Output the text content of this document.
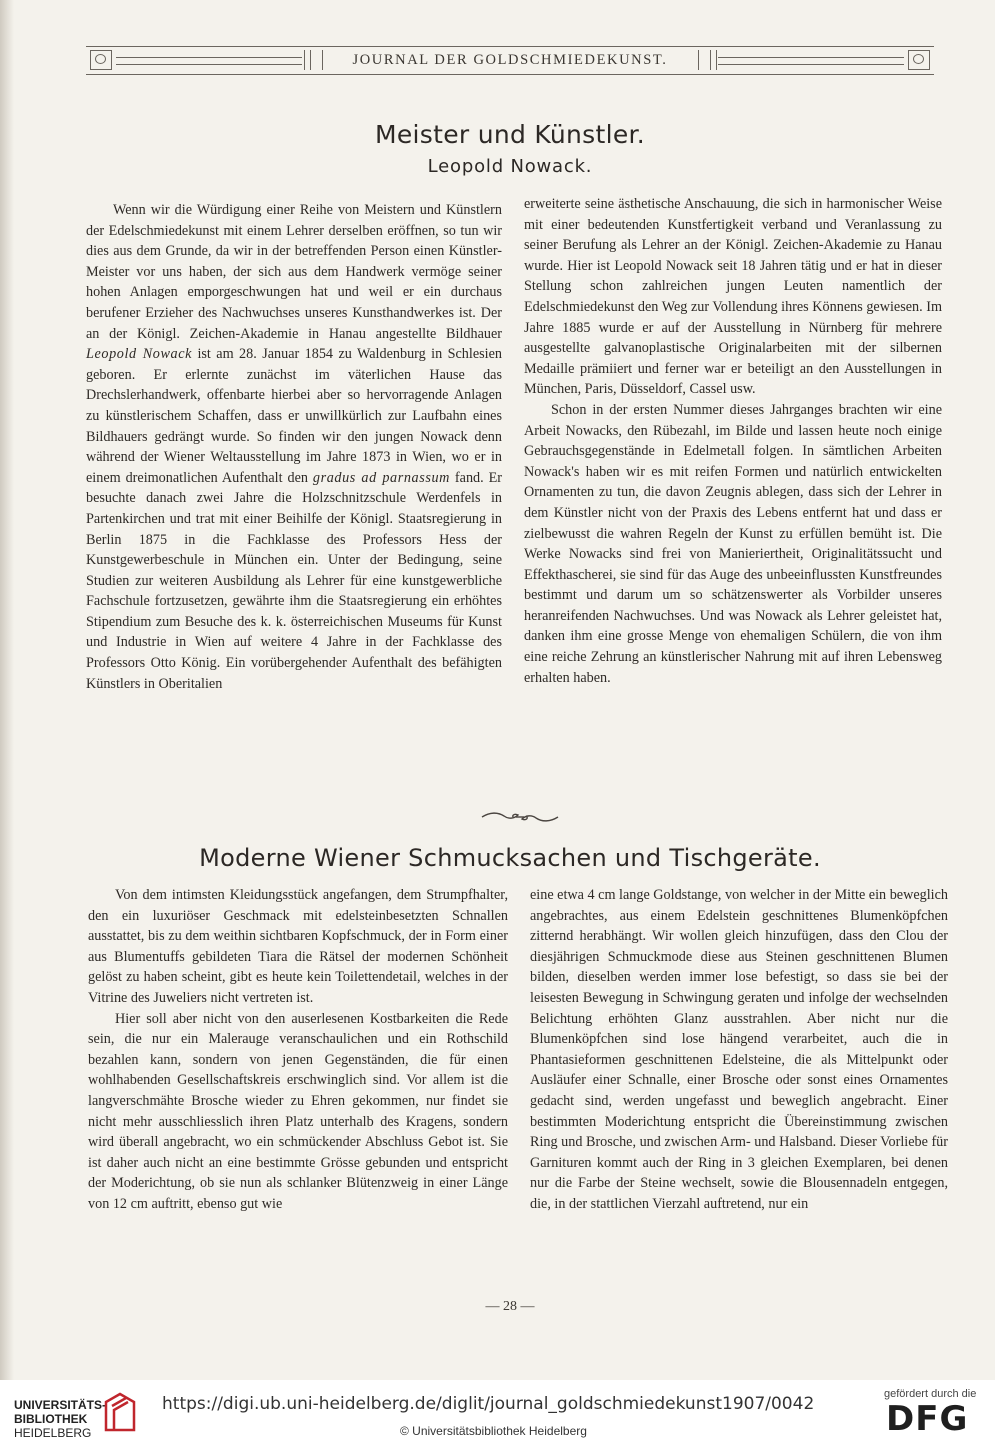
JOURNAL DER GOLDSCHMIEDEKUNST.
Meister und Künstler.
Leopold Nowack.

Wenn wir die Würdigung einer Reihe von Meistern und Künstlern der Edelschmiedekunst mit einem Lehrer derselben eröffnen, so tun wir dies aus dem Grunde, da wir in der betreffenden Person einen Künstler-Meister vor uns haben, der sich aus dem Handwerk vermöge seiner hohen Anlagen emporgeschwungen hat und weil er ein durchaus berufener Erzieher des Nachwuchses unseres Kunsthandwerkes ist. Der an der Königl. Zeichen-Akademie in Hanau angestellte Bildhauer Leopold Nowack ist am 28. Januar 1854 zu Waldenburg in Schlesien geboren. Er erlernte zunächst im väterlichen Hause das Drechslerhandwerk, offenbarte hierbei aber so hervorragende Anlagen zu künstlerischem Schaffen, dass er unwillkürlich zur Laufbahn eines Bildhauers gedrängt wurde. So finden wir den jungen Nowack denn während der Wiener Weltausstellung im Jahre 1873 in Wien, wo er in einem dreimonatlichen Aufenthalt den gradus ad parnassum fand. Er besuchte danach zwei Jahre die Holzschnitzschule Werdenfels in Partenkirchen und trat mit einer Beihilfe der Königl. Staatsregierung in Berlin 1875 in die Fachklasse des Professors Hess der Kunstgewerbeschule in München ein. Unter der Bedingung, seine Studien zur weiteren Ausbildung als Lehrer für eine kunstgewerbliche Fachschule fortzusetzen, gewährte ihm die Staatsregierung ein erhöhtes Stipendium zum Besuche des k. k. österreichischen Museums für Kunst und Industrie in Wien auf weitere 4 Jahre in der Fachklasse des Professors Otto König. Ein vorübergehender Aufenthalt des befähigten Künstlers in Oberitalien

erweiterte seine ästhetische Anschauung, die sich in harmonischer Weise mit einer bedeutenden Kunstfertigkeit verband und Veranlassung zu seiner Berufung als Lehrer an der Königl. Zeichen-Akademie zu Hanau wurde. Hier ist Leopold Nowack seit 18 Jahren tätig und er hat in dieser Stellung schon zahlreichen jungen Leuten namentlich der Edelschmiedekunst den Weg zur Vollendung ihres Könnens gewiesen. Im Jahre 1885 wurde er auf der Ausstellung in Nürnberg für mehrere ausgestellte galvanoplastische Originalarbeiten mit der silbernen Medaille prämiiert und ferner war er beteiligt an den Ausstellungen in München, Paris, Düsseldorf, Cassel usw.

Schon in der ersten Nummer dieses Jahrganges brachten wir eine Arbeit Nowacks, den Rübezahl, im Bilde und lassen heute noch einige Gebrauchsgegenstände in Edelmetall folgen. In sämtlichen Arbeiten Nowack's haben wir es mit reifen Formen und natürlich entwickelten Ornamenten zu tun, die davon Zeugnis ablegen, dass sich der Lehrer in dem Künstler nicht von der Praxis des Lebens entfernt hat und dass er zielbewusst die wahren Regeln der Kunst zu erfüllen bemüht ist. Die Werke Nowacks sind frei von Manieriertheit, Originalitätssucht und Effekthascherei, sie sind für das Auge des unbeeinflussten Kunstfreundes bestimmt und darum um so schätzenswerter als Vorbilder unseres heranreifenden Nachwuchses. Und was Nowack als Lehrer geleistet hat, danken ihm eine grosse Menge von ehemaligen Schülern, die von ihm eine reiche Zehrung an künstlerischer Nahrung mit auf ihren Lebensweg erhalten haben.

Moderne Wiener Schmucksachen und Tischgeräte.

Von dem intimsten Kleidungsstück angefangen, dem Strumpfhalter, den ein luxuriöser Geschmack mit edelsteinbesetzten Schnallen ausstattet, bis zu dem weithin sichtbaren Kopfschmuck, der in Form einer aus Blumentuffs gebildeten Tiara die Rätsel der modernen Schönheit gelöst zu haben scheint, gibt es heute kein Toilettendetail, welches in der Vitrine des Juweliers nicht vertreten ist.

Hier soll aber nicht von den auserlesenen Kostbarkeiten die Rede sein, die nur ein Malerauge veranschaulichen und ein Rothschild bezahlen kann, sondern von jenen Gegenständen, die für einen wohlhabenden Gesellschaftskreis erschwinglich sind. Vor allem ist die langverschmähte Brosche wieder zu Ehren gekommen, nur findet sie nicht mehr ausschliesslich ihren Platz unterhalb des Kragens, sondern wird überall angebracht, wo ein schmückender Abschluss Gebot ist. Sie ist daher auch nicht an eine bestimmte Grösse gebunden und entspricht der Moderichtung, ob sie nun als schlanker Blütenzweig in einer Länge von 12 cm auftritt, ebenso gut wie

eine etwa 4 cm lange Goldstange, von welcher in der Mitte ein beweglich angebrachtes, aus einem Edelstein geschnittenes Blumenköpfchen zitternd herabhängt. Wir wollen gleich hinzufügen, dass den Clou der diesjährigen Schmuckmode diese aus Steinen geschnittenen Blumen bilden, dieselben werden immer lose befestigt, so dass sie bei der leisesten Bewegung in Schwingung geraten und infolge der wechselnden Belichtung erhöhten Glanz ausstrahlen. Aber nicht nur die Blumenköpfchen sind lose hängend verarbeitet, auch die in Phantasieformen geschnittenen Edelsteine, die als Mittelpunkt oder Ausläufer einer Schnalle, einer Brosche oder sonst eines Ornamentes gedacht sind, werden ungefasst und beweglich angebracht. Einer bestimmten Moderichtung entspricht die Übereinstimmung zwischen Ring und Brosche, und zwischen Arm- und Halsband. Dieser Vorliebe für Garnituren kommt auch der Ring in 3 gleichen Exemplaren, bei denen nur die Farbe der Steine wechselt, sowie die Blousennadeln entgegen, die, in der stattlichen Vierzahl auftretend, nur ein

— 28 —
UNIVERSITÄTS-
BIBLIOTHEK
HEIDELBERG
https://digi.ub.uni-heidelberg.de/diglit/journal_goldschmiedekunst1907/0042
© Universitätsbibliothek Heidelberg
gefördert durch die
DFG
